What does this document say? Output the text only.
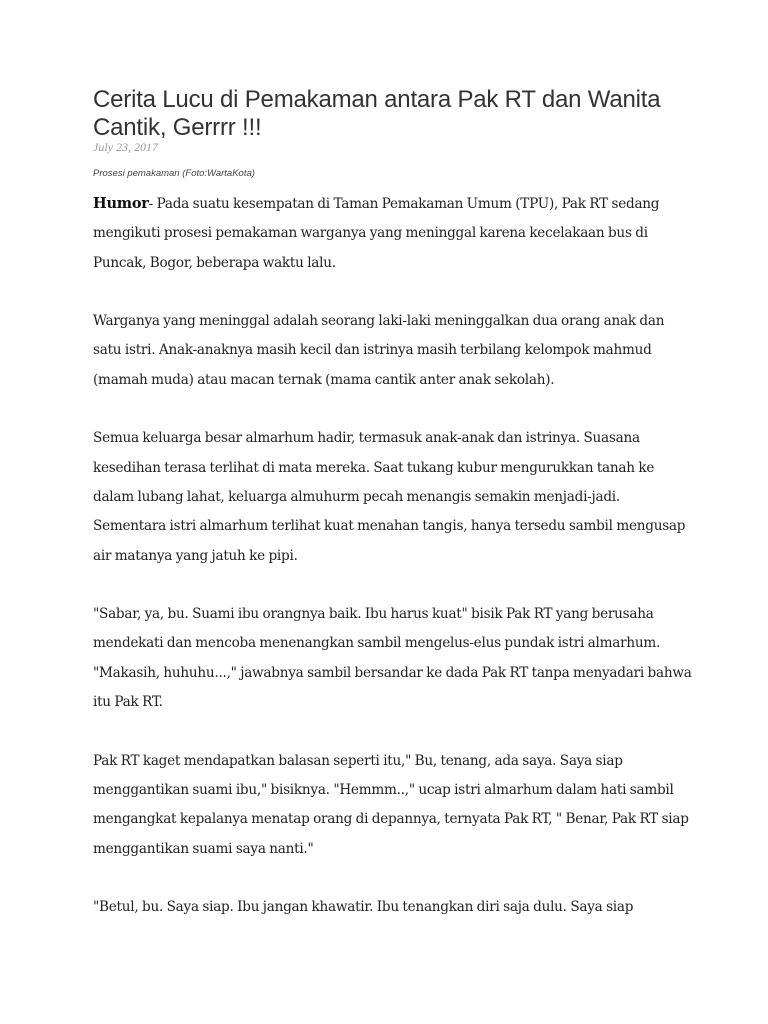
Cerita Lucu di Pemakaman antara Pak RT dan Wanita Cantik, Gerrrr !!!
July 23, 2017
Prosesi pemakaman (Foto:WartaKota)

Humor- Pada suatu kesempatan di Taman Pemakaman Umum (TPU), Pak RT sedang mengikuti prosesi pemakaman warganya yang meninggal karena kecelakaan bus di Puncak, Bogor, beberapa waktu lalu.

Warganya yang meninggal adalah seorang laki-laki meninggalkan dua orang anak dan satu istri. Anak-anaknya masih kecil dan istrinya masih terbilang kelompok mahmud (mamah muda) atau macan ternak (mama cantik anter anak sekolah).

Semua keluarga besar almarhum hadir, termasuk anak-anak dan istrinya. Suasana kesedihan terasa terlihat di mata mereka. Saat tukang kubur mengurukkan tanah ke dalam lubang lahat, keluarga almuhurm pecah menangis semakin menjadi-jadi. Sementara istri almarhum terlihat kuat menahan tangis, hanya tersedu sambil mengusap air matanya yang jatuh ke pipi.

"Sabar, ya, bu. Suami ibu orangnya baik. Ibu harus kuat" bisik Pak RT yang berusaha mendekati dan mencoba menenangkan sambil mengelus-elus pundak istri almarhum. "Makasih, huhuhu...," jawabnya sambil bersandar ke dada Pak RT tanpa menyadari bahwa itu Pak RT.

Pak RT kaget mendapatkan balasan seperti itu," Bu, tenang, ada saya. Saya siap menggantikan suami ibu," bisiknya. "Hemmm..," ucap istri almarhum dalam hati sambil mengangkat kepalanya menatap orang di depannya, ternyata Pak RT, " Benar, Pak RT siap menggantikan suami saya nanti."

"Betul, bu. Saya siap. Ibu jangan khawatir. Ibu tenangkan diri saja dulu. Saya siap
